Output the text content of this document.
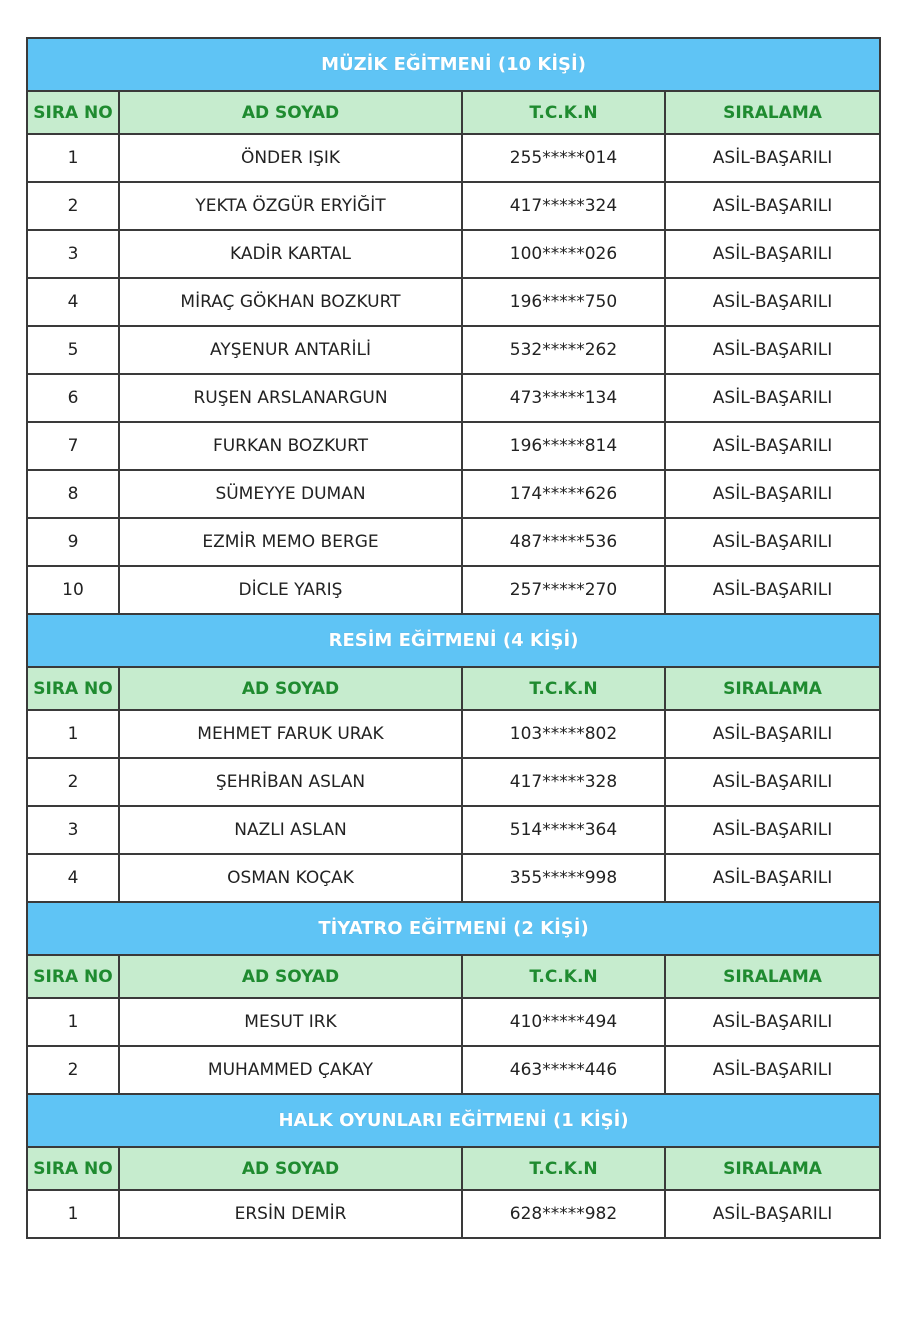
MÜZİK EĞİTMENİ (10 KİŞİ)			
SIRA NO	AD SOYAD	T.C.K.N	SIRALAMA
1	ÖNDER IŞIK	255*****014	ASİL-BAŞARILI
2	YEKTA ÖZGÜR ERYİĞİT	417*****324	ASİL-BAŞARILI
3	KADİR KARTAL	100*****026	ASİL-BAŞARILI
4	MİRAÇ GÖKHAN BOZKURT	196*****750	ASİL-BAŞARILI
5	AYŞENUR ANTARİLİ	532*****262	ASİL-BAŞARILI
6	RUŞEN ARSLANARGUN	473*****134	ASİL-BAŞARILI
7	FURKAN BOZKURT	196*****814	ASİL-BAŞARILI
8	SÜMEYYE DUMAN	174*****626	ASİL-BAŞARILI
9	EZMİR MEMO BERGE	487*****536	ASİL-BAŞARILI
10	DİCLE YARIŞ	257*****270	ASİL-BAŞARILI
RESİM EĞİTMENİ (4 KİŞİ)			
SIRA NO	AD SOYAD	T.C.K.N	SIRALAMA
1	MEHMET FARUK URAK	103*****802	ASİL-BAŞARILI
2	ŞEHRİBAN ASLAN	417*****328	ASİL-BAŞARILI
3	NAZLI ASLAN	514*****364	ASİL-BAŞARILI
4	OSMAN KOÇAK	355*****998	ASİL-BAŞARILI
TİYATRO EĞİTMENİ (2 KİŞİ)			
SIRA NO	AD SOYAD	T.C.K.N	SIRALAMA
1	MESUT IRK	410*****494	ASİL-BAŞARILI
2	MUHAMMED ÇAKAY	463*****446	ASİL-BAŞARILI
HALK OYUNLARI EĞİTMENİ (1 KİŞİ)			
SIRA NO	AD SOYAD	T.C.K.N	SIRALAMA
1	ERSİN DEMİR	628*****982	ASİL-BAŞARILI
